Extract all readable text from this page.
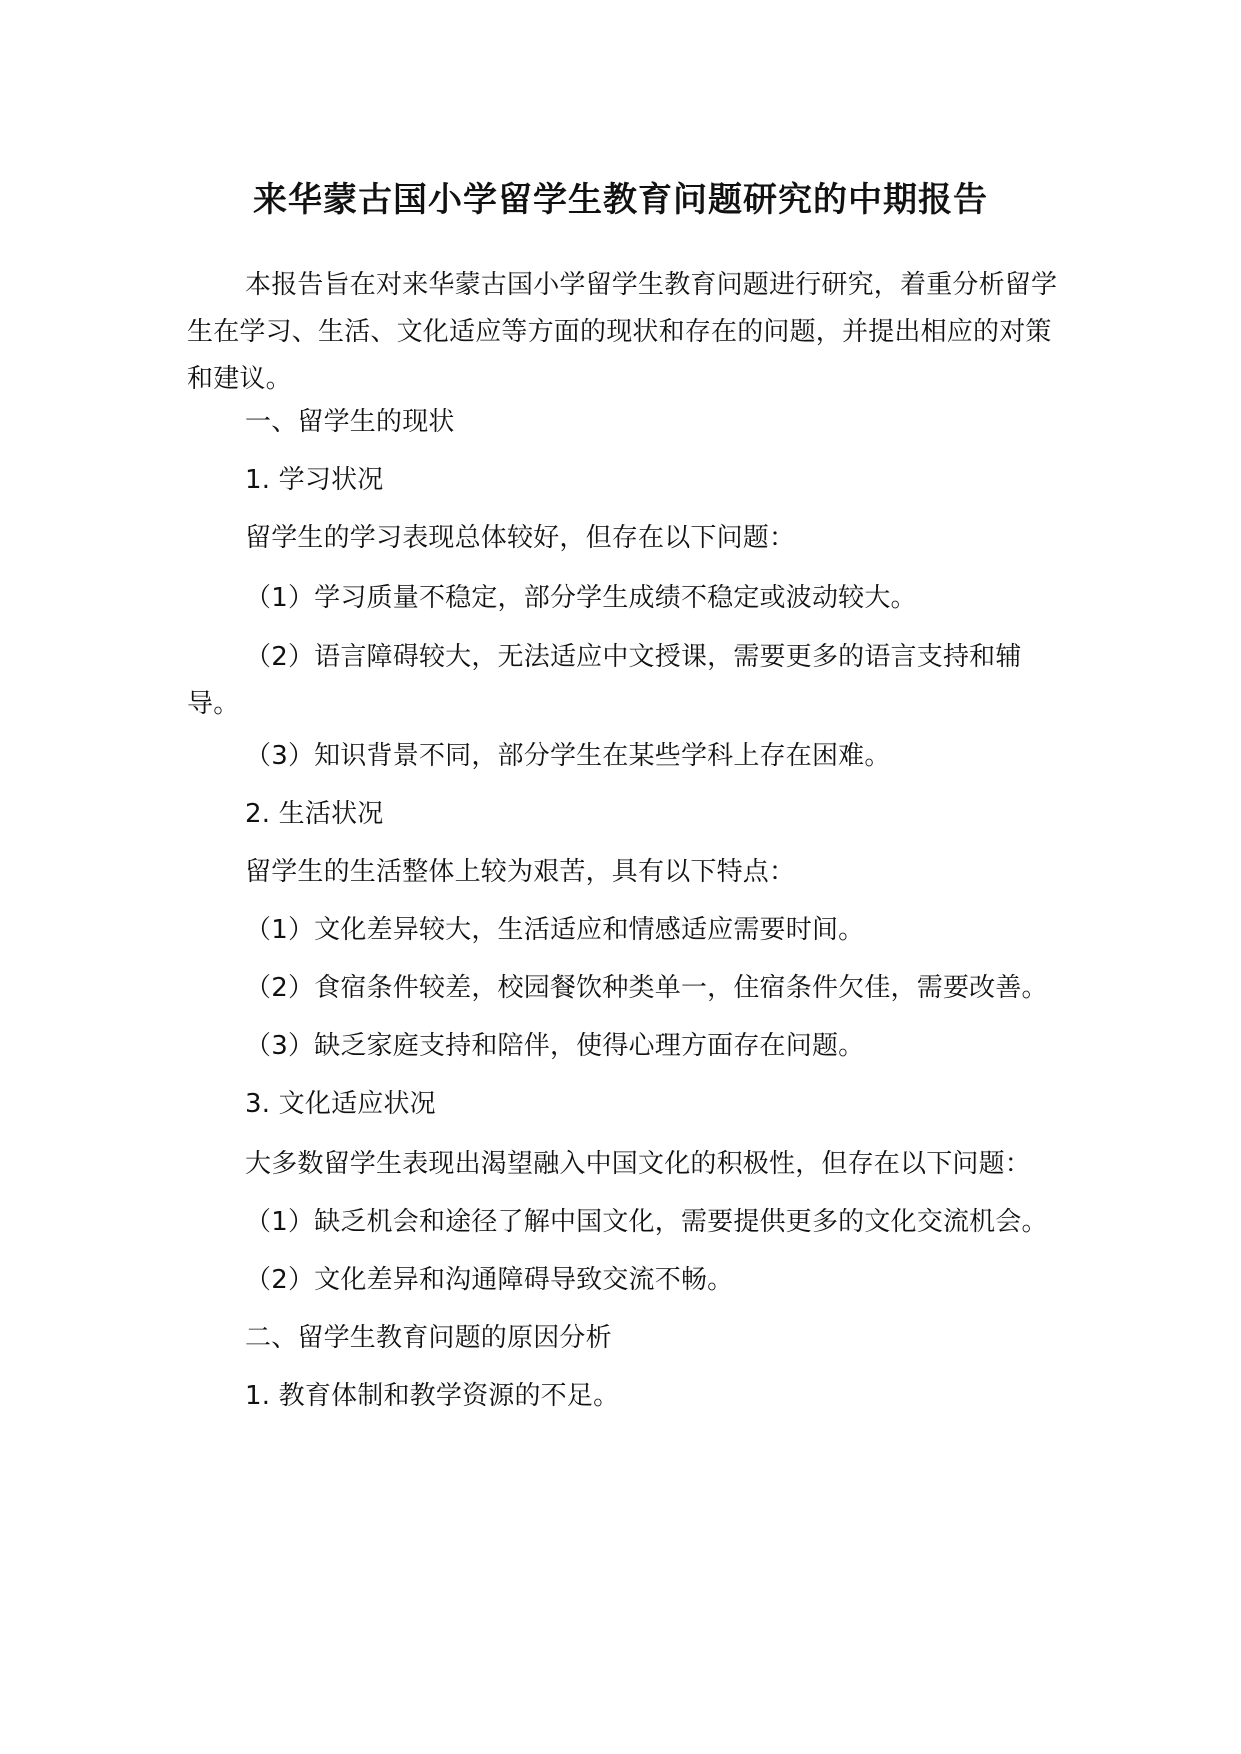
来华蒙古国小学留学生教育问题研究的中期报告
本报告旨在对来华蒙古国小学留学生教育问题进行研究，着重分析留学生在学习、生活、文化适应等方面的现状和存在的问题，并提出相应的对策和建议。
一、留学生的现状
1. 学习状况
留学生的学习表现总体较好，但存在以下问题：
（1）学习质量不稳定，部分学生成绩不稳定或波动较大。
（2）语言障碍较大，无法适应中文授课，需要更多的语言支持和辅导。
（3）知识背景不同，部分学生在某些学科上存在困难。
2. 生活状况
留学生的生活整体上较为艰苦，具有以下特点：
（1）文化差异较大，生活适应和情感适应需要时间。
（2）食宿条件较差，校园餐饮种类单一，住宿条件欠佳，需要改善。
（3）缺乏家庭支持和陪伴，使得心理方面存在问题。
3. 文化适应状况
大多数留学生表现出渴望融入中国文化的积极性，但存在以下问题：
（1）缺乏机会和途径了解中国文化，需要提供更多的文化交流机会。
（2）文化差异和沟通障碍导致交流不畅。
二、留学生教育问题的原因分析
1. 教育体制和教学资源的不足。
